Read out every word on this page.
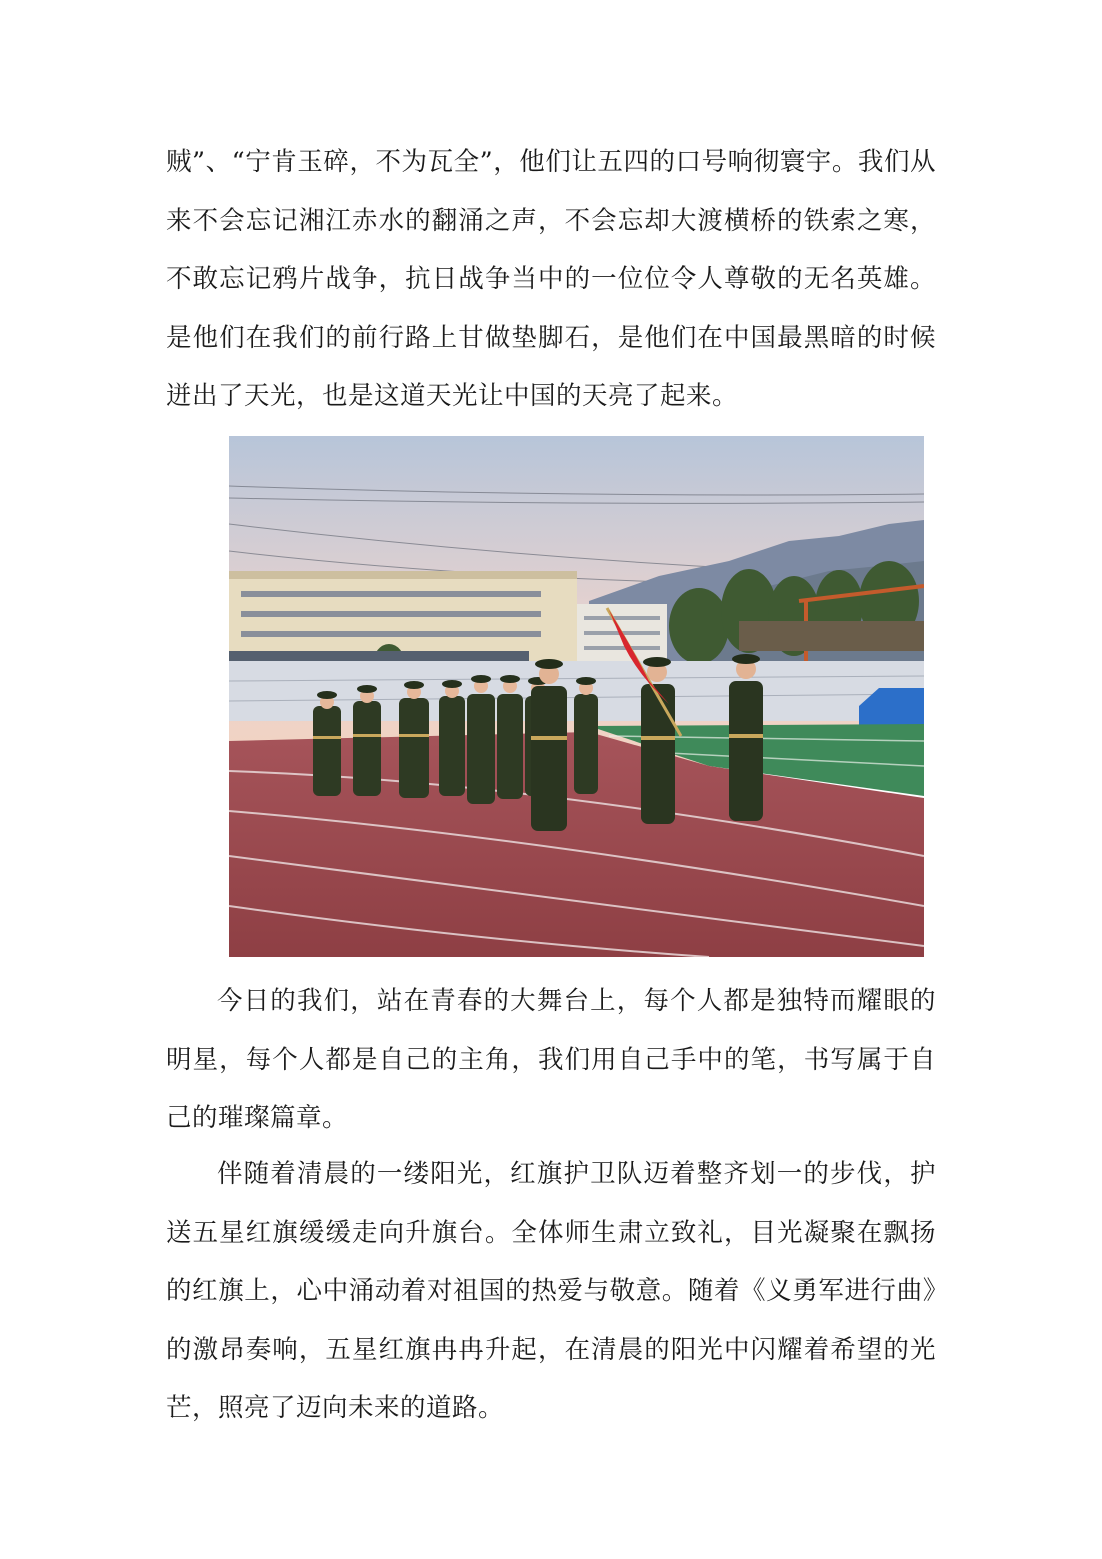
贼”、“宁肯玉碎，不为瓦全”，他们让五四的口号响彻寰宇。我们从来不会忘记湘江赤水的翻涌之声，不会忘却大渡横桥的铁索之寒，不敢忘记鸦片战争，抗日战争当中的一位位令人尊敬的无名英雄。是他们在我们的前行路上甘做垫脚石，是他们在中国最黑暗的时候迸出了天光，也是这道天光让中国的天亮了起来。

今日的我们，站在青春的大舞台上，每个人都是独特而耀眼的明星，每个人都是自己的主角，我们用自己手中的笔，书写属于自己的璀璨篇章。

伴随着清晨的一缕阳光，红旗护卫队迈着整齐划一的步伐，护送五星红旗缓缓走向升旗台。全体师生肃立致礼，目光凝聚在飘扬的红旗上，心中涌动着对祖国的热爱与敬意。随着《义勇军进行曲》的激昂奏响，五星红旗冉冉升起，在清晨的阳光中闪耀着希望的光芒，照亮了迈向未来的道路。
